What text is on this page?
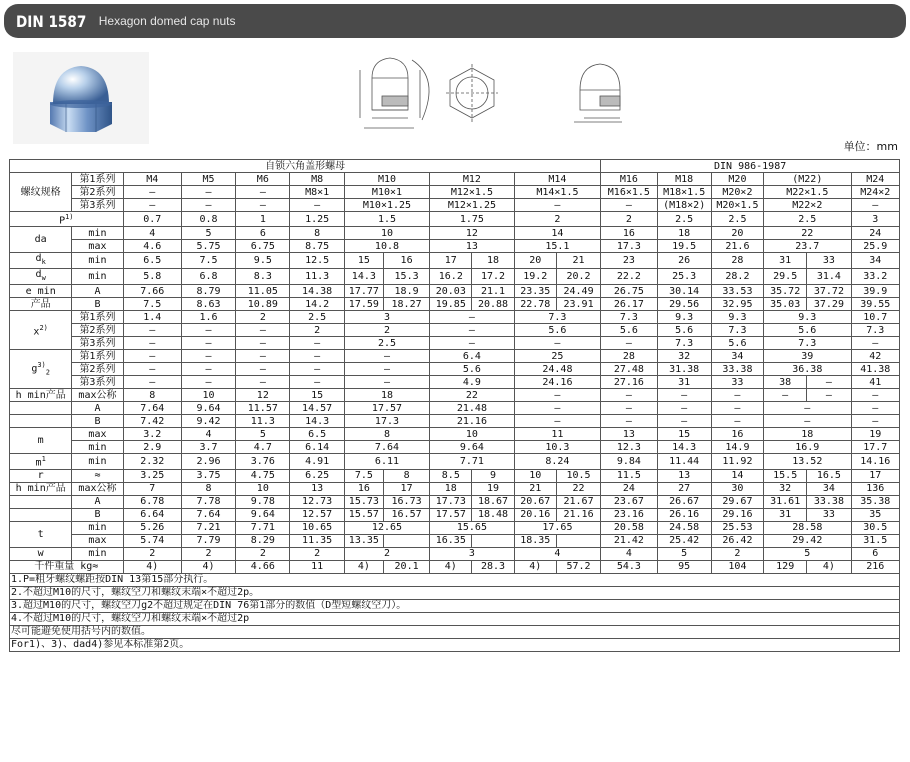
DIN 1587 Hexagon domed cap nuts
单位：mm
自锁六角盖形螺母												DIN 986-1987					
螺纹规格	第1系列	M4	M5	M6	M8	M10		M12		M14		M16	M18	M20	(M22)		M24
	第2系列	—	—	—	M8×1	M10×1		M12×1.5		M14×1.5		M16×1.5	M18×1.5	M20×2	M22×1.5		M24×2
	第3系列	—	—	—	—	M10×1.25		M12×1.25		—		—	(M18×2)	M20×1.5	M22×2		—
$P^{1)}$		0.7	0.8	1	1.25	1.5		1.75		2		2	2.5	2.5	2.5		3
da	min	4	5	6	8	10		12		14		16	18	20	22		24
	max	4.6	5.75	6.75	8.75	10.8		13		15.1		17.3	19.5	21.6	23.7		25.9
$d_k$	min	6.5	7.5	9.5	12.5	15	16	17	18	20	21	23	26	28	31	33	34
$d_w$	min	5.8	6.8	8.3	11.3	14.3	15.3	16.2	17.2	19.2	20.2	22.2	25.3	28.2	29.5	31.4	33.2
e min	A	7.66	8.79	11.05	14.38	17.77	18.9	20.03	21.1	23.35	24.49	26.75	30.14	33.53	35.72	37.72	39.9
产品	B	7.5	8.63	10.89	14.2	17.59	18.27	19.85	20.88	22.78	23.91	26.17	29.56	32.95	35.03	37.29	39.55
$x^{2)}$	第1系列	1.4	1.6	2	2.5	3		—		7.3		7.3	9.3	9.3	9.3		10.7
	第2系列	—	—	—	2	2		—		5.6		5.6	5.6	7.3	5.6		7.3
	第3系列	—	—	—	—	2.5		—		—		—	7.3	5.6	7.3		—
$g^{3)}_2$	第1系列	—	—	—	—	—		6.4		25		28	32	34	39		42
	第2系列	—	—	—	—	—		5.6		24.48		27.48	31.38	33.38	36.38		41.38
	第3系列	—	—	—	—	—		4.9		24.16		27.16	31	33	38	—	41
h min产品	max公称	8	10	12	15	18		22		—		—	—	—	—	—	—
	A	7.64	9.64	11.57	14.57	17.57		21.48		—		—	—	—	—		—
	B	7.42	9.42	11.3	14.3	17.3		21.16		—		—	—	—	—		—
m	max	3.2	4	5	6.5	8		10		11		13	15	16	18		19
	min	2.9	3.7	4.7	6.14	7.64		9.64		10.3		12.3	14.3	14.9	16.9		17.7
$m^1$	min	2.32	2.96	3.76	4.91	6.11		7.71		8.24		9.84	11.44	11.92	13.52		14.16
r	≈	3.25	3.75	4.75	6.25	7.5	8	8.5	9	10	10.5	11.5	13	14	15.5	16.5	17
h min产品	max公称	7	8	10	13	16	17	18	19	21	22	24	27	30	32	34	136
	A	6.78	7.78	9.78	12.73	15.73	16.73	17.73	18.67	20.67	21.67	23.67	26.67	29.67	31.61	33.38	35.38
	B	6.64	7.64	9.64	12.57	15.57	16.57	17.57	18.48	20.16	21.16	23.16	26.16	29.16	31	33	35
t	min	5.26	7.21	7.71	10.65	12.65		15.65		17.65		20.58	24.58	25.53	28.58		30.5
	max	5.74	7.79	8.29	11.35	13.35		16.35		18.35		21.42	25.42	26.42	29.42		31.5
w	min	2	2	2	2	2		3		4		4	5	2	5		6
千件重量 kg≈		4)	4)	4.66	11	4)	20.1	4)	28.3	4)	57.2	54.3	95	104	129	4)	216
1.P=粗牙螺纹螺距按DIN 13第15部分执行。																	
2.不超过M10的尺寸，螺纹空刀和螺纹末端×不超过2p。																	
3.超过M10的尺寸，螺纹空刀g2不超过规定在DIN 76第1部分的数值（D型短螺纹空刀）。																	
4.不超过M10的尺寸，螺纹空刀和螺纹末端×不超过2p																	
尽可能避免使用括号内的数值。																	
For1)、3)、dad4)参见本标准第2页。																	
